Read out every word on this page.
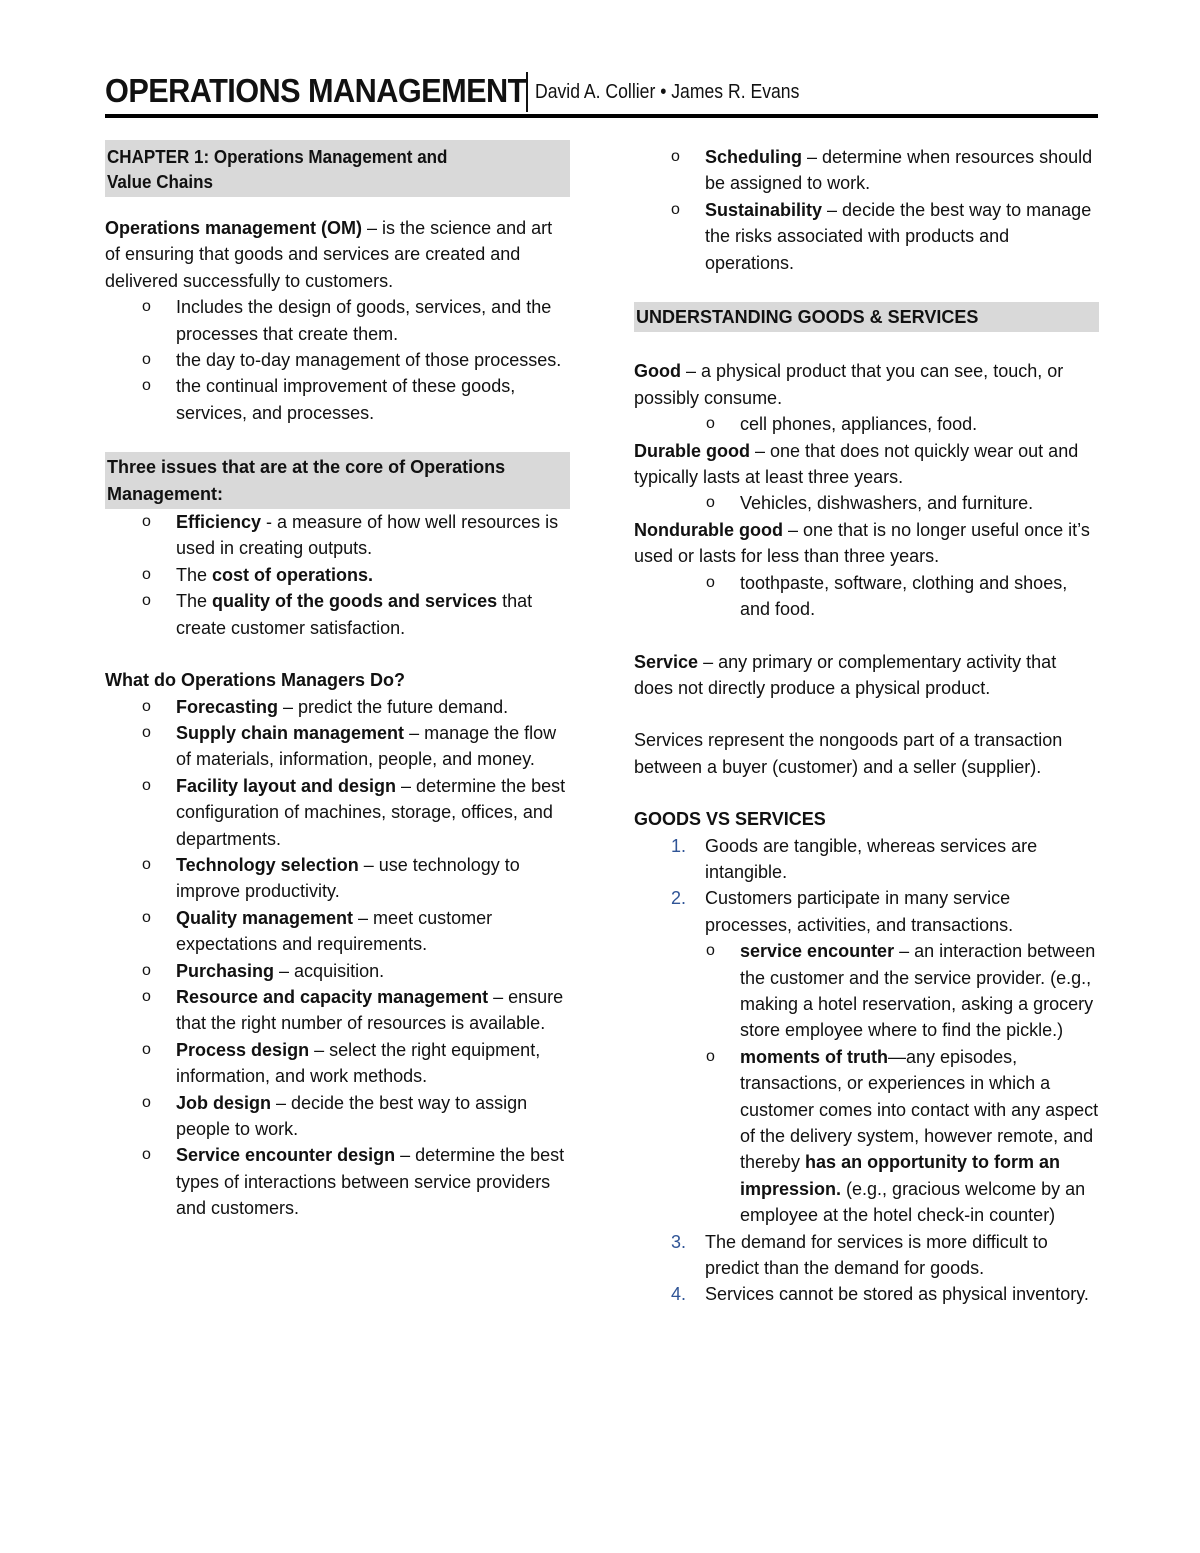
OPERATIONS MANAGEMENT David A. Collier • James R. Evans
CHAPTER 1: Operations Management and
Value Chains

Operations management (OM) – is the science and art of ensuring that goods and services are created and delivered successfully to customers.

o Includes the design of goods, services, and the processes that create them.
o the day to-day management of those processes.
o the continual improvement of these goods, services, and processes.
Three issues that are at the core of Operations Management:
o Efficiency - a measure of how well resources is used in creating outputs.
o The cost of operations.
o The quality of the goods and services that create customer satisfaction.

What do Operations Managers Do?

o Forecasting – predict the future demand.
o Supply chain management – manage the flow of materials, information, people, and money.
o Facility layout and design – determine the best configuration of machines, storage, offices, and departments.
o Technology selection – use technology to improve productivity.
o Quality management – meet customer expectations and requirements.
o Purchasing – acquisition.
o Resource and capacity management – ensure that the right number of resources is available.
o Process design – select the right equipment, information, and work methods.
o Job design – decide the best way to assign people to work.
o Service encounter design – determine the best types of interactions between service providers and customers.
o Scheduling – determine when resources should be assigned to work.
o Sustainability – decide the best way to manage the risks associated with products and operations.
UNDERSTANDING GOODS & SERVICES

Good – a physical product that you can see, touch, or possibly consume.

o cell phones, appliances, food.

Durable good – one that does not quickly wear out and typically lasts at least three years.

o Vehicles, dishwashers, and furniture.

Nondurable good – one that is no longer useful once it’s used or lasts for less than three years.

o toothpaste, software, clothing and shoes, and food.

Service – any primary or complementary activity that does not directly produce a physical product.

Services represent the nongoods part of a transaction between a buyer (customer) and a seller (supplier).

GOODS VS SERVICES

1. Goods are tangible, whereas services are intangible.
2. Customers participate in many service processes, activities, and transactions.
o service encounter – an interaction between the customer and the service provider. (e.g., making a hotel reservation, asking a grocery store employee where to find the pickle.)
o moments of truth—any episodes, transactions, or experiences in which a customer comes into contact with any aspect of the delivery system, however remote, and thereby has an opportunity to form an impression. (e.g., gracious welcome by an employee at the hotel check-in counter)
3. The demand for services is more difficult to predict than the demand for goods.
4. Services cannot be stored as physical inventory.
